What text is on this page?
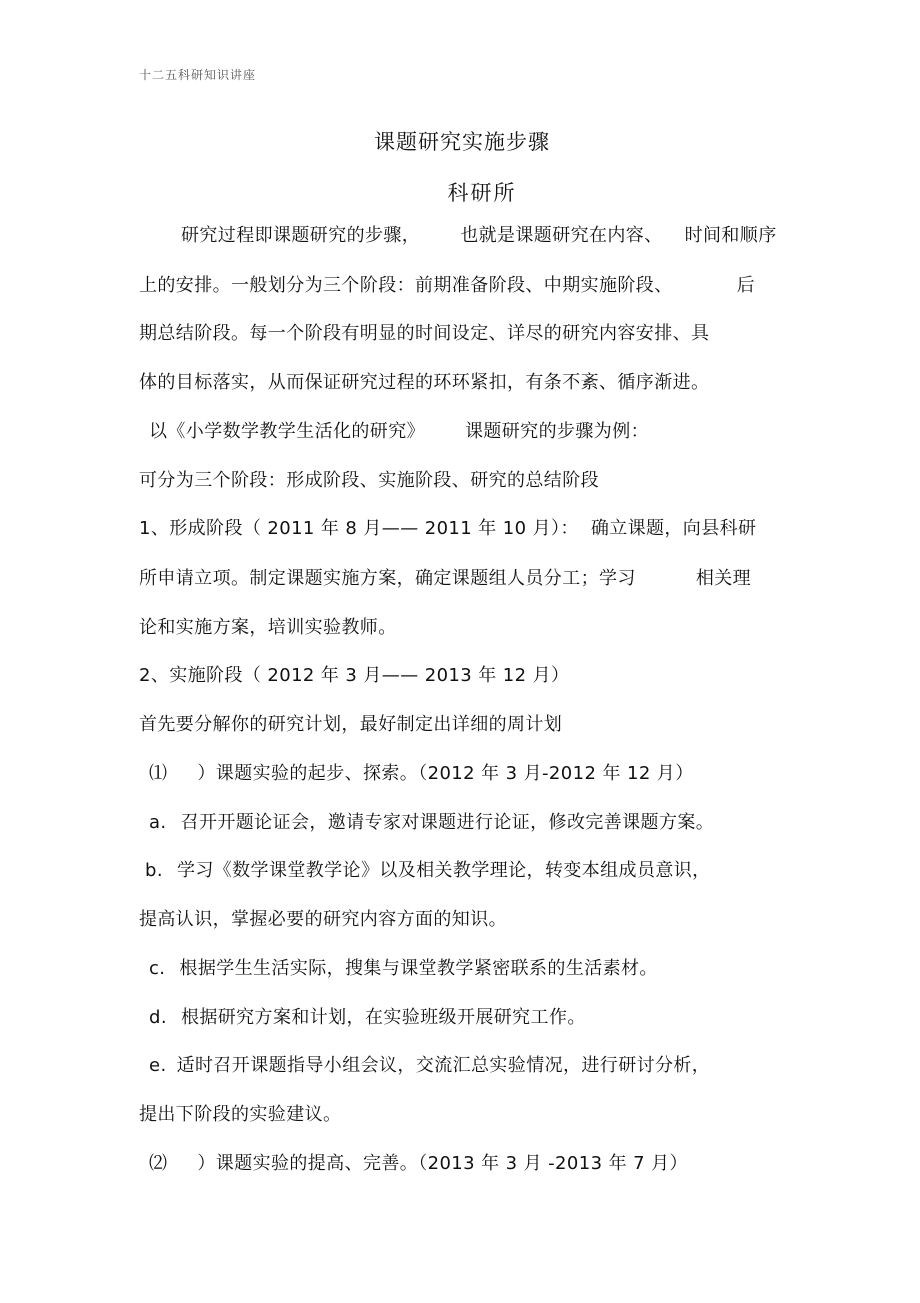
十二五科研知识讲座
课题研究实施步骤
科研所
研究过程即课题研究的步骤， 也就是课题研究在内容、 时间和顺序
上的安排。一般划分为三个阶段：前期准备阶段、中期实施阶段、	后
期总结阶段。每一个阶段有明显的时间设定、详尽的研究内容安排、具
体的目标落实，从而保证研究过程的环环紧扣，有条不紊、循序渐进。
以《小学数学教学生活化的研究》 课题研究的步骤为例：
可分为三个阶段：形成阶段、实施阶段、研究的总结阶段
1、形成阶段（ 2011 年 8 月—— 2011 年 10 月）： 确立课题，向县科研
所申请立项。制定课题实施方案，确定课题组人员分工；学习	相关理
论和实施方案，培训实验教师。
2、实施阶段（ 2012 年 3 月—— 2013 年 12 月）
首先要分解你的研究计划，最好制定出详细的周计划
⑴ ）课题实验的起步、探索。（2012 年 3 月-2012 年 12 月）
a. 召开开题论证会，邀请专家对课题进行论证，修改完善课题方案。
b. 学习《数学课堂教学论》以及相关教学理论，转变本组成员意识，
提高认识，掌握必要的研究内容方面的知识。
c. 根据学生生活实际，搜集与课堂教学紧密联系的生活素材。
d. 根据研究方案和计划，在实验班级开展研究工作。
e. 适时召开课题指导小组会议，交流汇总实验情况，进行研讨分析，
提出下阶段的实验建议。
⑵ ）课题实验的提高、完善。（2013 年 3 月 -2013 年 7 月）
